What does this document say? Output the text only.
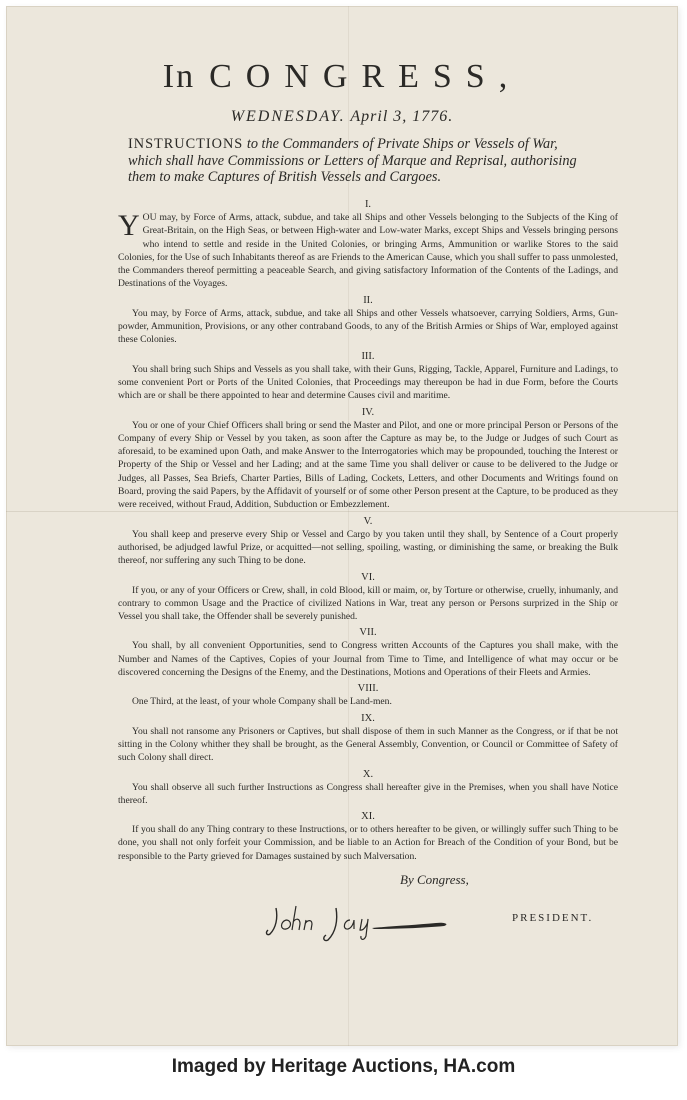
In CONGRESS,
WEDNESDAY. April 3, 1776.
INSTRUCTIONS to the Commanders of Private Ships or Vessels of War, which shall have Commissions or Letters of Marque and Reprisal, authorising them to make Captures of British Vessels and Cargoes.
I.

YOU may, by Force of Arms, attack, subdue, and take all Ships and other Vessels belonging to the Subjects of the King of Great-Britain, on the High Seas, or between High-water and Low-water Marks, except Ships and Vessels bringing persons who intend to settle and reside in the United Colonies, or bringing Arms, Ammunition or warlike Stores to the said Colonies, for the Use of such Inhabitants thereof as are Friends to the American Cause, which you shall suffer to pass unmolested, the Commanders thereof permitting a peaceable Search, and giving satisfactory Information of the Contents of the Ladings, and Destinations of the Voyages.

II.

You may, by Force of Arms, attack, subdue, and take all Ships and other Vessels whatsoever, carrying Soldiers, Arms, Gun-powder, Ammunition, Provisions, or any other contraband Goods, to any of the British Armies or Ships of War, employed against these Colonies.

III.

You shall bring such Ships and Vessels as you shall take, with their Guns, Rigging, Tackle, Apparel, Furniture and Ladings, to some convenient Port or Ports of the United Colonies, that Proceedings may thereupon be had in due Form, before the Courts which are or shall be there appointed to hear and determine Causes civil and maritime.

IV.

You or one of your Chief Officers shall bring or send the Master and Pilot, and one or more principal Person or Persons of the Company of every Ship or Vessel by you taken, as soon after the Capture as may be, to the Judge or Judges of such Court as aforesaid, to be examined upon Oath, and make Answer to the Interrogatories which may be propounded, touching the Interest or Property of the Ship or Vessel and her Lading; and at the same Time you shall deliver or cause to be delivered to the Judge or Judges, all Passes, Sea Briefs, Charter Parties, Bills of Lading, Cockets, Letters, and other Documents and Writings found on Board, proving the said Papers, by the Affidavit of yourself or of some other Person present at the Capture, to be produced as they were received, without Fraud, Addition, Subduction or Embezzlement.

V.

You shall keep and preserve every Ship or Vessel and Cargo by you taken until they shall, by Sentence of a Court properly authorised, be adjudged lawful Prize, or acquitted—not selling, spoiling, wasting, or diminishing the same, or breaking the Bulk thereof, nor suffering any such Thing to be done.

VI.

If you, or any of your Officers or Crew, shall, in cold Blood, kill or maim, or, by Torture or otherwise, cruelly, inhumanly, and contrary to common Usage and the Practice of civilized Nations in War, treat any person or Persons surprized in the Ship or Vessel you shall take, the Offender shall be severely punished.

VII.

You shall, by all convenient Opportunities, send to Congress written Accounts of the Captures you shall make, with the Number and Names of the Captives, Copies of your Journal from Time to Time, and Intelligence of what may occur or be discovered concerning the Designs of the Enemy, and the Destinations, Motions and Operations of their Fleets and Armies.

VIII.

One Third, at the least, of your whole Company shall be Land-men.

IX.

You shall not ransome any Prisoners or Captives, but shall dispose of them in such Manner as the Congress, or if that be not sitting in the Colony whither they shall be brought, as the General Assembly, Convention, or Council or Committee of Safety of such Colony shall direct.

X.

You shall observe all such further Instructions as Congress shall hereafter give in the Premises, when you shall have Notice thereof.

XI.

If you shall do any Thing contrary to these Instructions, or to others hereafter to be given, or willingly suffer such Thing to be done, you shall not only forfeit your Commission, and be liable to an Action for Breach of the Condition of your Bond, but be responsible to the Party grieved for Damages sustained by such Malversation.

By Congress,
PRESIDENT.
Imaged by Heritage Auctions, HA.com
